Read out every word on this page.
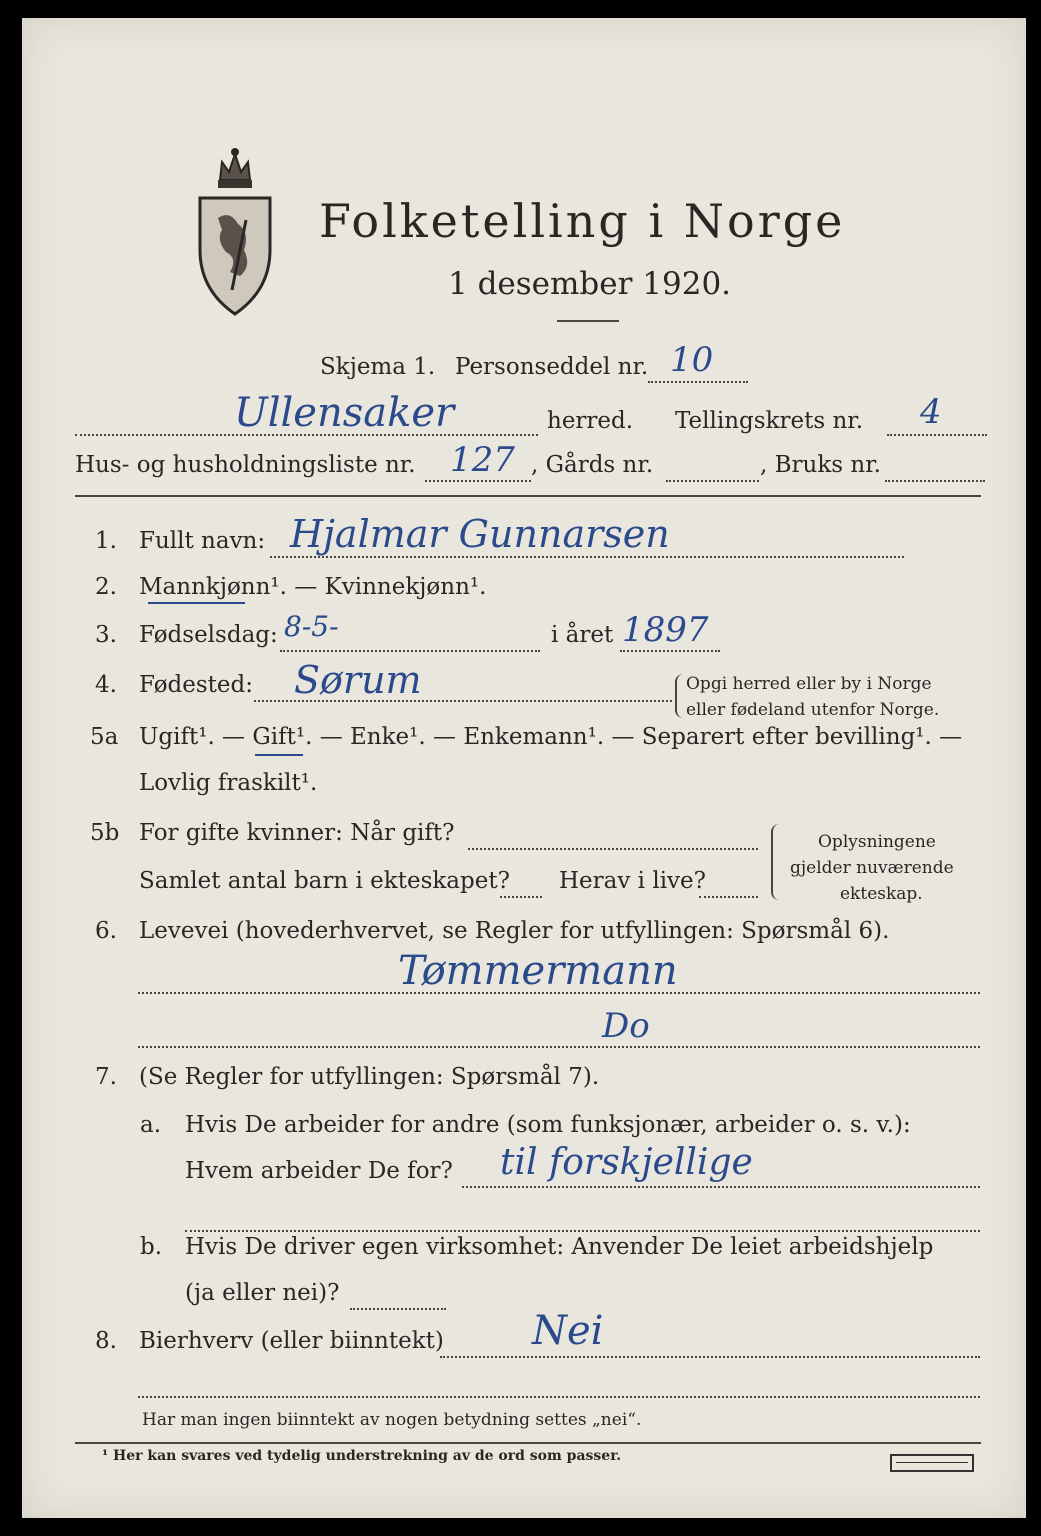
Folketelling i Norge
1 desember 1920.
Skjema 1. Personseddel nr. 10
Ullensaker	herred. Tellingskrets nr. 4
Hus- og husholdningsliste nr. 127 , Gårds nr.	, Bruks nr.
1. Fullt navn: Hjalmar Gunnarsen
2. Mannkjønn¹. — Kvinnekjønn¹.
3. Fødselsdag: 8-5-	i året 1897
4. Fødested: Sørum	Opgi herred eller by i Norge
eller fødeland utenfor Norge.
5a Ugift¹. — Gift¹. — Enke¹. — Enkemann¹. — Separert efter bevilling¹. —
Lovlig fraskilt¹.
5b For gifte kvinner: Når gift?
Samlet antal barn i ekteskapet? Herav i live?
Oplysningene
gjelder nuværende
ekteskap.
6. Levevei (hovederhvervet, se Regler for utfyllingen: Spørsmål 6).
Tømmermann
Do
7. (Se Regler for utfyllingen: Spørsmål 7).
a. Hvis De arbeider for andre (som funksjonær, arbeider o. s. v.):
Hvem arbeider De for? til forskjellige
b. Hvis De driver egen virksomhet: Anvender De leiet arbeidshjelp
(ja eller nei)?
8. Bierhverv (eller biinntekt) Nei
Har man ingen biinntekt av nogen betydning settes „nei“.
¹ Her kan svares ved tydelig understrekning av de ord som passer.
